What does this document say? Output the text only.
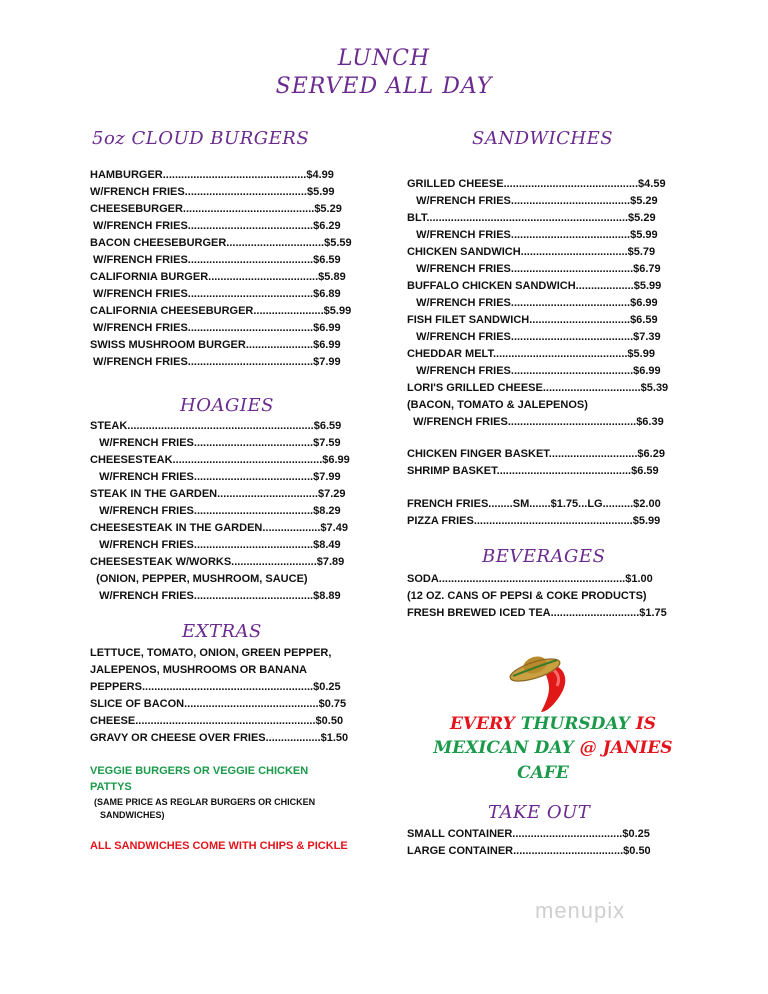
LUNCH
SERVED ALL DAY
5oz CLOUD BURGERS
HAMBURGER...............................................$4.99
W/FRENCH FRIES........................................$5.99
CHEESEBURGER...........................................$5.29
W/FRENCH FRIES.........................................$6.29
BACON CHEESEBURGER................................$5.59
W/FRENCH FRIES.........................................$6.59
CALIFORNIA BURGER....................................$5.89
W/FRENCH FRIES.........................................$6.89
CALIFORNIA CHEESEBURGER.......................$5.99
W/FRENCH FRIES.........................................$6.99
SWISS MUSHROOM BURGER......................$6.99
W/FRENCH FRIES.........................................$7.99
HOAGIES
STEAK.............................................................$6.59
W/FRENCH FRIES.......................................$7.59
CHEESESTEAK.................................................$6.99
W/FRENCH FRIES.......................................$7.99
STEAK IN THE GARDEN.................................$7.29
W/FRENCH FRIES.......................................$8.29
CHEESESTEAK IN THE GARDEN...................$7.49
W/FRENCH FRIES.......................................$8.49
CHEESESTEAK W/WORKS............................$7.89
(ONION, PEPPER, MUSHROOM, SAUCE)
W/FRENCH FRIES.......................................$8.89
EXTRAS
LETTUCE, TOMATO, ONION, GREEN PEPPER,
JALEPENOS, MUSHROOMS OR BANANA
PEPPERS........................................................$0.25
SLICE OF BACON............................................$0.75
CHEESE...........................................................$0.50
GRAVY OR CHEESE OVER FRIES..................$1.50
VEGGIE BURGERS OR VEGGIE CHICKEN
PATTYS
(SAME PRICE AS REGLAR BURGERS OR CHICKEN
SANDWICHES)
ALL SANDWICHES COME WITH CHIPS & PICKLE
SANDWICHES
GRILLED CHEESE............................................$4.59
W/FRENCH FRIES.......................................$5.29
BLT..................................................................$5.29
W/FRENCH FRIES.......................................$5.99
CHICKEN SANDWICH...................................$5.79
W/FRENCH FRIES........................................$6.79
BUFFALO CHICKEN SANDWICH...................$5.99
W/FRENCH FRIES.......................................$6.99
FISH FILET SANDWICH.................................$6.59
W/FRENCH FRIES........................................$7.39
CHEDDAR MELT............................................$5.99
W/FRENCH FRIES........................................$6.99
LORI'S GRILLED CHEESE................................$5.39
(BACON, TOMATO & JALEPENOS)
W/FRENCH FRIES..........................................$6.39
CHICKEN FINGER BASKET.............................$6.29
SHRIMP BASKET............................................$6.59
FRENCH FRIES........SM.......$1.75...LG..........$2.00
PIZZA FRIES....................................................$5.99
BEVERAGES
SODA.............................................................$1.00
(12 OZ. CANS OF PEPSI & COKE PRODUCTS)
FRESH BREWED ICED TEA.............................$1.75
EVERY THURSDAY IS
MEXICAN DAY @ JANIES
CAFE
TAKE OUT
SMALL CONTAINER....................................$0.25
LARGE CONTAINER....................................$0.50
menupix
